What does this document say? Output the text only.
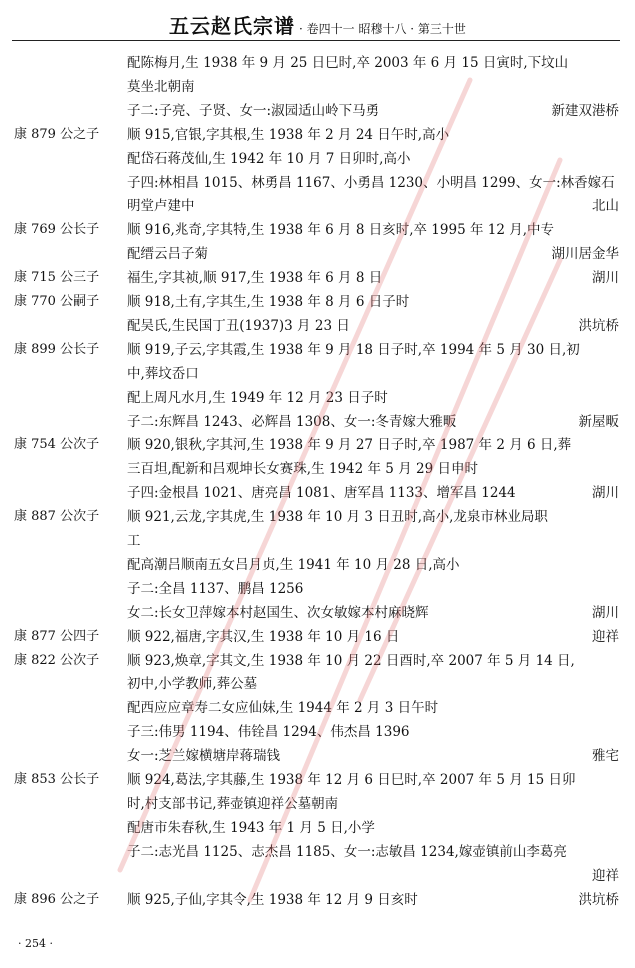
五云赵氏宗谱 · 卷四十一 昭穆十八 · 第三十世
配陈梅月,生 1938 年 9 月 25 日巳时,卒 2003 年 6 月 15 日寅时,下坟山
莫坐北朝南
子二:子亮、子贤、女一:淑园适山岭下马勇	新建双港桥
康 879 公之子 顺 915,官银,字其根,生 1938 年 2 月 24 日午时,高小
配岱石蒋茂仙,生 1942 年 10 月 7 日卯时,高小
子四:林相昌 1015、林勇昌 1167、小勇昌 1230、小明昌 1299、女一:林香嫁石
明堂卢建中	北山
康 769 公长子 顺 916,兆奇,字其特,生 1938 年 6 月 8 日亥时,卒 1995 年 12 月,中专
配缙云吕子菊	湖川居金华
康 715 公三子 福生,字其祯,顺 917,生 1938 年 6 月 8 日	湖川
康 770 公嗣子 顺 918,土有,字其生,生 1938 年 8 月 6 日子时
配吴氏,生民国丁丑(1937)3 月 23 日	洪坑桥
康 899 公长子 顺 919,子云,字其霞,生 1938 年 9 月 18 日子时,卒 1994 年 5 月 30 日,初
中,葬坟岙口
配上周凡水月,生 1949 年 12 月 23 日子时
子二:东辉昌 1243、必辉昌 1308、女一:冬青嫁大雅畈	新屋畈
康 754 公次子 顺 920,银秋,字其河,生 1938 年 9 月 27 日子时,卒 1987 年 2 月 6 日,葬
三百坦,配新和吕观坤长女赛珠,生 1942 年 5 月 29 日申时
子四:金根昌 1021、唐亮昌 1081、唐军昌 1133、增军昌 1244	湖川
康 887 公次子 顺 921,云龙,字其虎,生 1938 年 10 月 3 日丑时,高小,龙泉市林业局职
工
配高潮吕顺南五女吕月贞,生 1941 年 10 月 28 日,高小
子二:全昌 1137、鹏昌 1256
女二:长女卫萍嫁本村赵国生、次女敏嫁本村麻晓辉	湖川
康 877 公四子 顺 922,福唐,字其汉,生 1938 年 10 月 16 日	迎祥
康 822 公次子 顺 923,焕章,字其文,生 1938 年 10 月 22 日酉时,卒 2007 年 5 月 14 日,
初中,小学教师,葬公墓
配西应应章寿二女应仙妹,生 1944 年 2 月 3 日午时
子三:伟男 1194、伟铨昌 1294、伟杰昌 1396
女一:芝兰嫁横塘岸蒋瑞钱	雅宅
康 853 公长子 顺 924,葛法,字其藤,生 1938 年 12 月 6 日巳时,卒 2007 年 5 月 15 日卯
时,村支部书记,葬壶镇迎祥公墓朝南
配唐市朱春秋,生 1943 年 1 月 5 日,小学
子二:志光昌 1125、志杰昌 1185、女一:志敏昌 1234,嫁壶镇前山李葛亮
迎祥
康 896 公之子 顺 925,子仙,字其令,生 1938 年 12 月 9 日亥时	洪坑桥
· 254 ·
